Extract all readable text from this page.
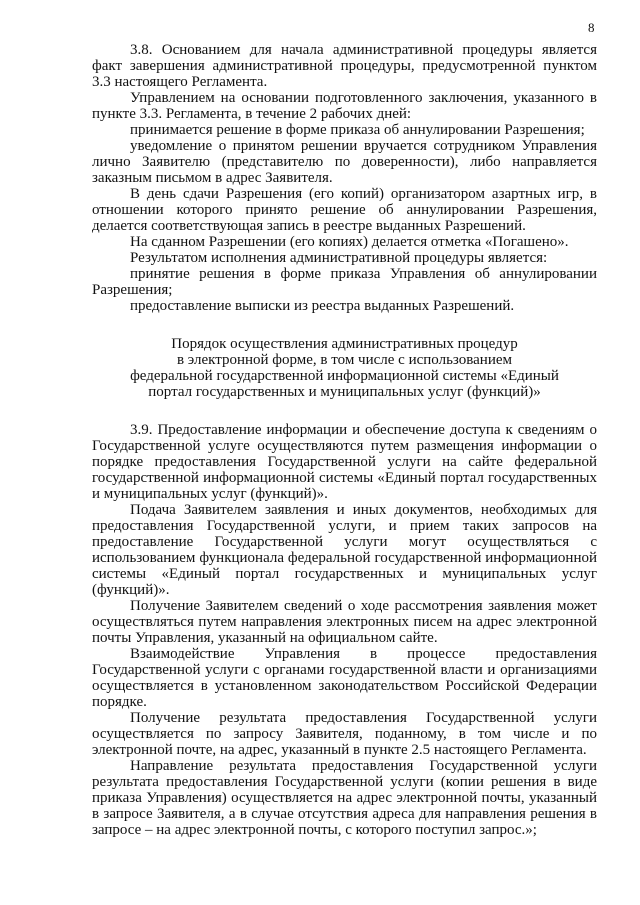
8

3.8. Основанием для начала административной процедуры является факт завершения административной процедуры, предусмотренной пунктом 3.3 настоящего Регламента.

Управлением на основании подготовленного заключения, указанного в пункте 3.3. Регламента, в течение 2 рабочих дней:

принимается решение в форме приказа об аннулировании Разрешения;

уведомление о принятом решении вручается сотрудником Управления лично Заявителю (представителю по доверенности), либо направляется заказным письмом в адрес Заявителя.

В день сдачи Разрешения (его копий) организатором азартных игр, в отношении которого принято решение об аннулировании Разрешения, делается соответствующая запись в реестре выданных Разрешений.

На сданном Разрешении (его копиях) делается отметка «Погашено».

Результатом исполнения административной процедуры является:

принятие решения в форме приказа Управления об аннулировании Разрешения;

предоставление выписки из реестра выданных Разрешений.

Порядок осуществления административных процедур
в электронной форме, в том числе с использованием
федеральной государственной информационной системы «Единый
портал государственных и муниципальных услуг (функций)»

3.9. Предоставление информации и обеспечение доступа к сведениям о Государственной услуге осуществляются путем размещения информации о порядке предоставления Государственной услуги на сайте федеральной государственной информационной системы «Единый портал государственных и муниципальных услуг (функций)».

Подача Заявителем заявления и иных документов, необходимых для предоставления Государственной услуги, и прием таких запросов на предоставление Государственной услуги могут осуществляться с использованием функционала федеральной государственной информационной системы «Единый портал государственных и муниципальных услуг (функций)».

Получение Заявителем сведений о ходе рассмотрения заявления может осуществляться путем направления электронных писем на адрес электронной почты Управления, указанный на официальном сайте.

Взаимодействие Управления в процессе предоставления Государственной услуги с органами государственной власти и организациями осуществляется в установленном законодательством Российской Федерации порядке.

Получение результата предоставления Государственной услуги осуществляется по запросу Заявителя, поданному, в том числе и по электронной почте, на адрес, указанный в пункте 2.5 настоящего Регламента.

Направление результата предоставления Государственной услуги результата предоставления Государственной услуги (копии решения в виде приказа Управления) осуществляется на адрес электронной почты, указанный в запросе Заявителя, а в случае отсутствия адреса для направления решения в запросе – на адрес электронной почты, с которого поступил запрос.»;
